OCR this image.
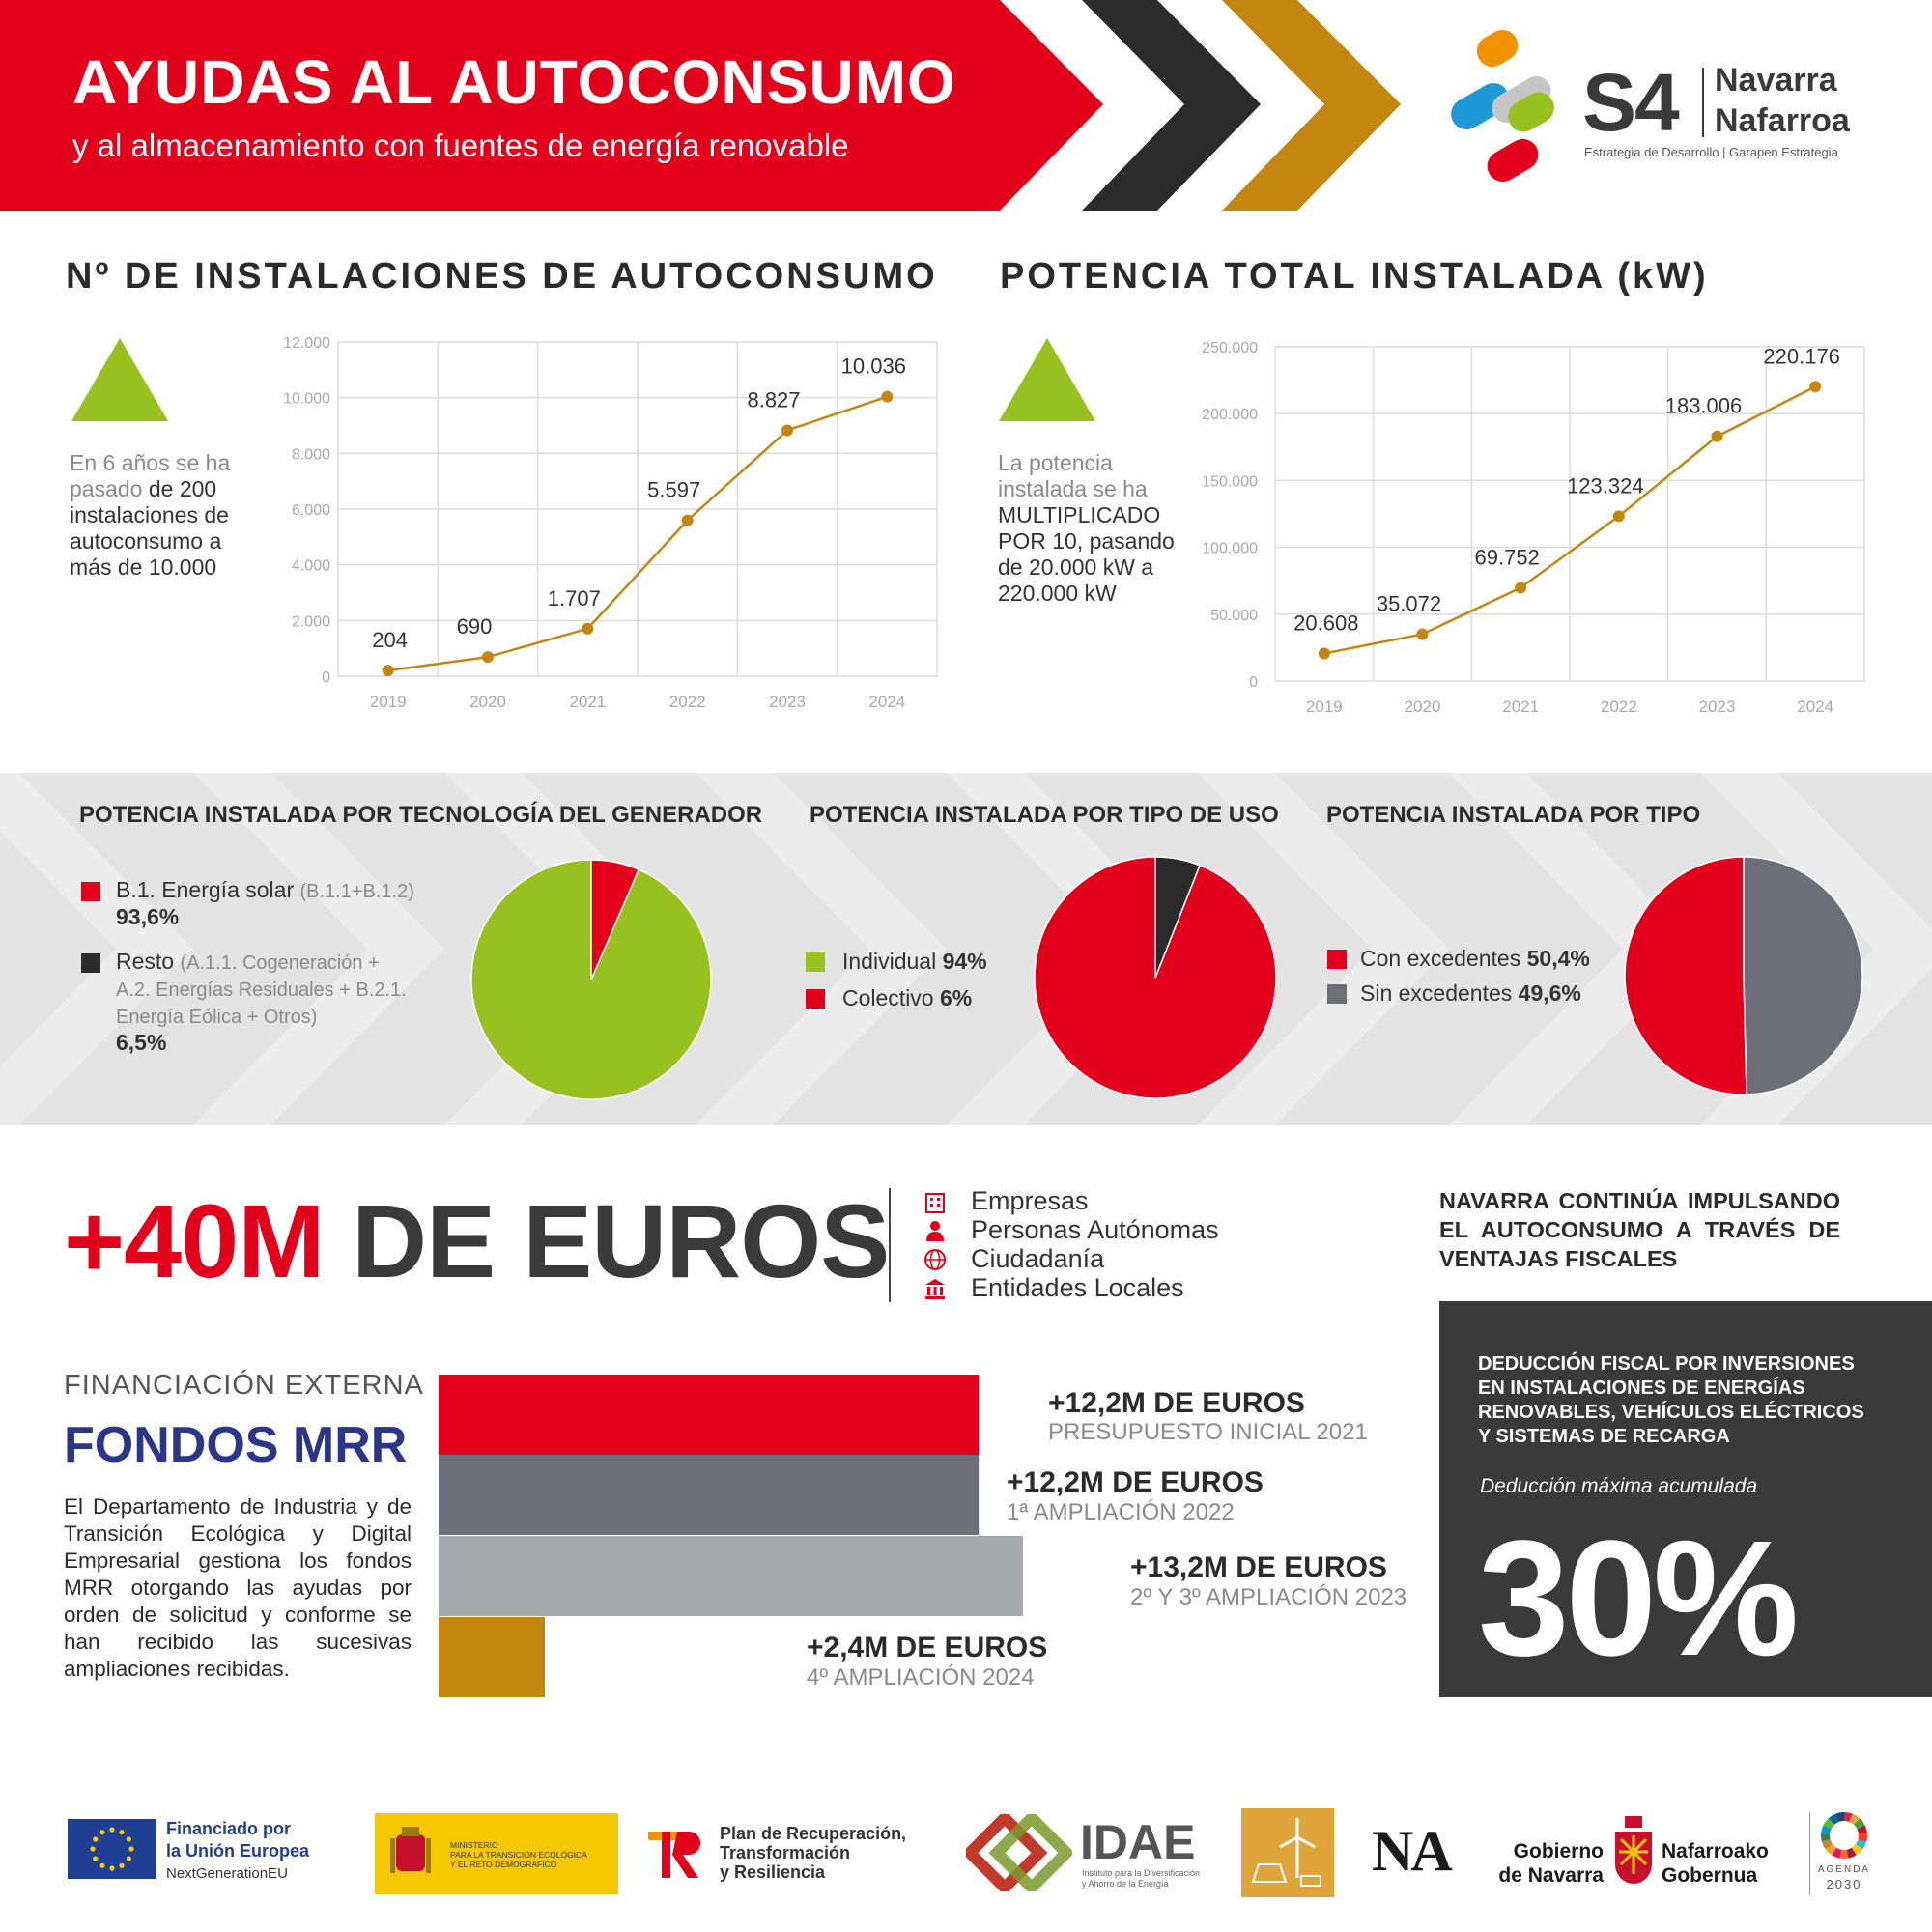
AYUDAS AL AUTOCONSUMO
y al almacenamiento con fuentes de energía renovable	S4 Navarra
Nafarroa
Estrategia de Desarrollo | Garapen Estrategia
Nº DE INSTALACIONES DE AUTOCONSUMO
En 6 años se ha pasado de 200 instalaciones de autoconsumo a más de 10.000
0
2.000
4.000
6.000
8.000
10.000
12.000
204
2019
690
2020
1.707
2021
5.597
2022
8.827
2023
10.036
2024
POTENCIA TOTAL INSTALADA (kW)
La potencia instalada se ha MULTIPLICADO POR 10, pasando de 20.000 kW a 220.000 kW
0
50.000
100.000
150.000
200.000
250.000
20.608
2019
35.072
2020
69.752
2021
123.324
2022
183.006
2023
220.176
2024
POTENCIA INSTALADA POR TECNOLOGÍA DEL GENERADOR
B.1. Energía solar (B.1.1+B.1.2)
93,6%
Resto (A.1.1. Cogeneración + A.2. Energías Residuales + B.2.1. Energía Eólica + Otros)
6,5%
POTENCIA INSTALADA POR TIPO DE USO
Individual 94%
Colectivo 6%
POTENCIA INSTALADA POR TIPO
Con excedentes 50,4%
Sin excedentes 49,6%
+40M DE EUROS	Empresas
Personas Autónomas
Ciudadanía
Entidades Locales
FINANCIACIÓN EXTERNA
FONDOS MRR
El Departamento de Industria y de Transición Ecológica y Digital Empresarial gestiona los fondos MRR otorgando las ayudas por orden de solicitud y conforme se han recibido las sucesivas ampliaciones recibidas.
+12,2M DE EUROS
PRESUPUESTO INICIAL 2021
+12,2M DE EUROS
1ª AMPLIACIÓN 2022
+13,2M DE EUROS
2º Y 3º AMPLIACIÓN 2023
+2,4M DE EUROS
4º AMPLIACIÓN 2024
NAVARRA CONTINÚA IMPULSANDO EL AUTOCONSUMO A TRAVÉS DE VENTAJAS FISCALES
DEDUCCIÓN FISCAL POR INVERSIONES EN INSTALACIONES DE ENERGÍAS RENOVABLES, VEHÍCULOS ELÉCTRICOS Y SISTEMAS DE RECARGA
Deducción máxima acumulada
30%
Financiado por
la Unión Europea
NextGenerationEU
MINISTERIO
PARA LA TRANSICIÓN ECOLÓGICA
Y EL RETO DEMOGRÁFICO
Plan de Recuperación,
Transformación
y Resiliencia
IDAE
Instituto para la Diversificación
y Ahorro de la Energía
NA	Gobierno
de Navarra
Nafarroako
Gobernua	AGENDA
2030
